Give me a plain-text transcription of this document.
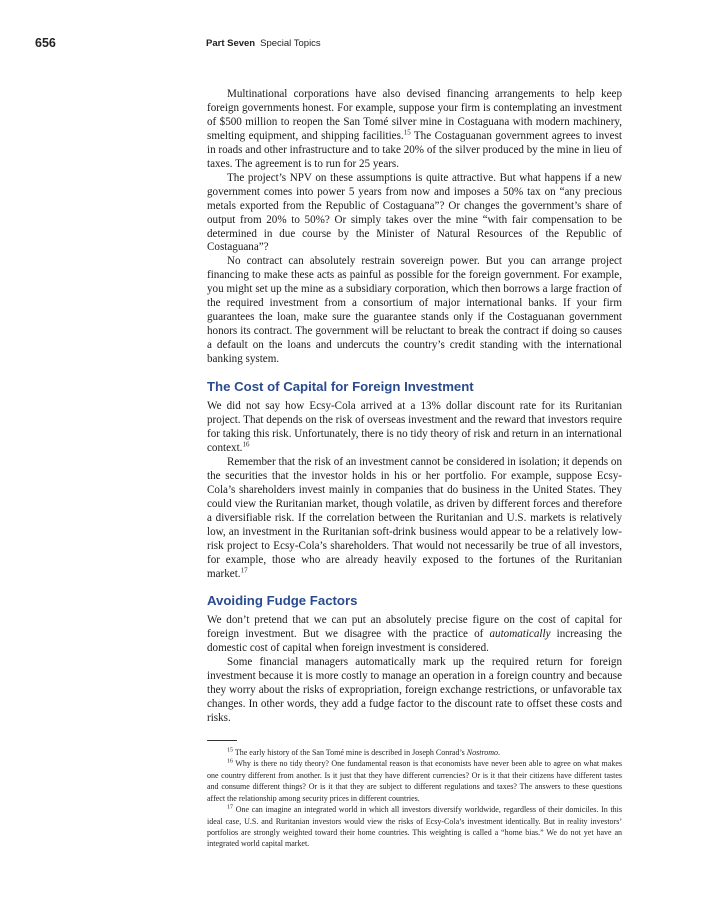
656	Part Seven Special Topics

Multinational corporations have also devised financing arrangements to help keep foreign governments honest. For example, suppose your firm is contemplating an investment of $500 million to reopen the San Tomé silver mine in Costaguana with modern machinery, smelting equipment, and shipping facilities.$^{15}$ The Costaguanan government agrees to invest in roads and other infrastructure and to take 20% of the silver produced by the mine in lieu of taxes. The agreement is to run for 25 years.

The project’s NPV on these assumptions is quite attractive. But what happens if a new government comes into power 5 years from now and imposes a 50% tax on “any precious metals exported from the Republic of Costaguana”? Or changes the government’s share of output from 20% to 50%? Or simply takes over the mine “with fair compensation to be determined in due course by the Minister of Natural Resources of the Republic of Costaguana”?

No contract can absolutely restrain sovereign power. But you can arrange project financing to make these acts as painful as possible for the foreign government. For example, you might set up the mine as a subsidiary corporation, which then borrows a large fraction of the required investment from a consortium of major international banks. If your firm guarantees the loan, make sure the guarantee stands only if the Costaguanan government honors its contract. The government will be reluctant to break the contract if doing so causes a default on the loans and undercuts the country’s credit standing with the international banking system.

The Cost of Capital for Foreign Investment

We did not say how Ecsy-Cola arrived at a 13% dollar discount rate for its Ruritanian project. That depends on the risk of overseas investment and the reward that investors require for taking this risk. Unfortunately, there is no tidy theory of risk and return in an international context.$^{16}$

Remember that the risk of an investment cannot be considered in isolation; it depends on the securities that the investor holds in his or her portfolio. For example, suppose Ecsy-Cola’s shareholders invest mainly in companies that do business in the United States. They could view the Ruritanian market, though volatile, as driven by different forces and therefore a diversifiable risk. If the correlation between the Ruritanian and U.S. markets is relatively low, an investment in the Ruritanian soft-drink business would appear to be a relatively low-risk project to Ecsy-Cola’s shareholders. That would not necessarily be true of all investors, for example, those who are already heavily exposed to the fortunes of the Ruritanian market.$^{17}$

Avoiding Fudge Factors

We don’t pretend that we can put an absolutely precise figure on the cost of capital for foreign investment. But we disagree with the practice of automatically increasing the domestic cost of capital when foreign investment is considered.

Some financial managers automatically mark up the required return for foreign investment because it is more costly to manage an operation in a foreign country and because they worry about the risks of expropriation, foreign exchange restrictions, or unfavorable tax changes. In other words, they add a fudge factor to the discount rate to offset these costs and risks.

$^{15}$ The early history of the San Tomé mine is described in Joseph Conrad’s Nostromo.

$^{16}$ Why is there no tidy theory? One fundamental reason is that economists have never been able to agree on what makes one country different from another. Is it just that they have different currencies? Or is it that their citizens have different tastes and consume different things? Or is it that they are subject to different regulations and taxes? The answers to these questions affect the relationship among security prices in different countries.

$^{17}$ One can imagine an integrated world in which all investors diversify worldwide, regardless of their domiciles. In this ideal case, U.S. and Ruritanian investors would view the risks of Ecsy-Cola’s investment identically. But in reality investors’ portfolios are strongly weighted toward their home countries. This weighting is called a “home bias.” We do not yet have an integrated world capital market.
